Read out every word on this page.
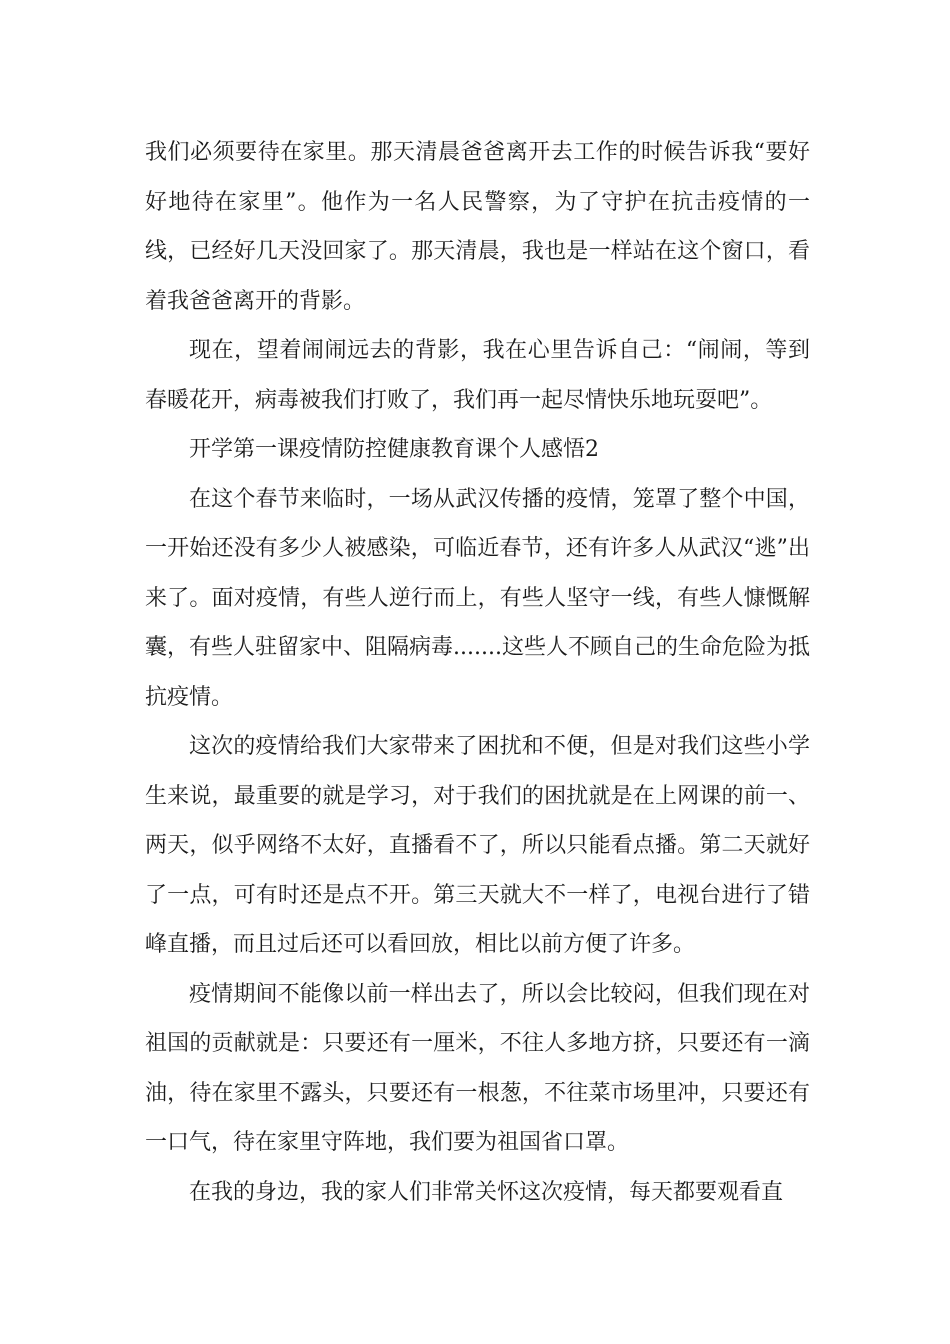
我们必须要待在家里。那天清晨爸爸离开去工作的时候告诉我“要好好地待在家里”。他作为一名人民警察，为了守护在抗击疫情的一线，已经好几天没回家了。那天清晨，我也是一样站在这个窗口，看着我爸爸离开的背影。

现在，望着闹闹远去的背影，我在心里告诉自己：“闹闹，等到春暖花开，病毒被我们打败了，我们再一起尽情快乐地玩耍吧”。

开学第一课疫情防控健康教育课个人感悟2

在这个春节来临时，一场从武汉传播的疫情，笼罩了整个中国，一开始还没有多少人被感染，可临近春节，还有许多人从武汉“逃”出来了。面对疫情，有些人逆行而上，有些人坚守一线，有些人慷慨解囊，有些人驻留家中、阻隔病毒.......这些人不顾自己的生命危险为抵抗疫情。

这次的疫情给我们大家带来了困扰和不便，但是对我们这些小学生来说，最重要的就是学习，对于我们的困扰就是在上网课的前一、两天，似乎网络不太好，直播看不了，所以只能看点播。第二天就好了一点，可有时还是点不开。第三天就大不一样了，电视台进行了错峰直播，而且过后还可以看回放，相比以前方便了许多。

疫情期间不能像以前一样出去了，所以会比较闷，但我们现在对祖国的贡献就是：只要还有一厘米，不往人多地方挤，只要还有一滴油，待在家里不露头，只要还有一根葱，不往菜市场里冲，只要还有一口气，待在家里守阵地，我们要为祖国省口罩。

在我的身边，我的家人们非常关怀这次疫情，每天都要观看直
